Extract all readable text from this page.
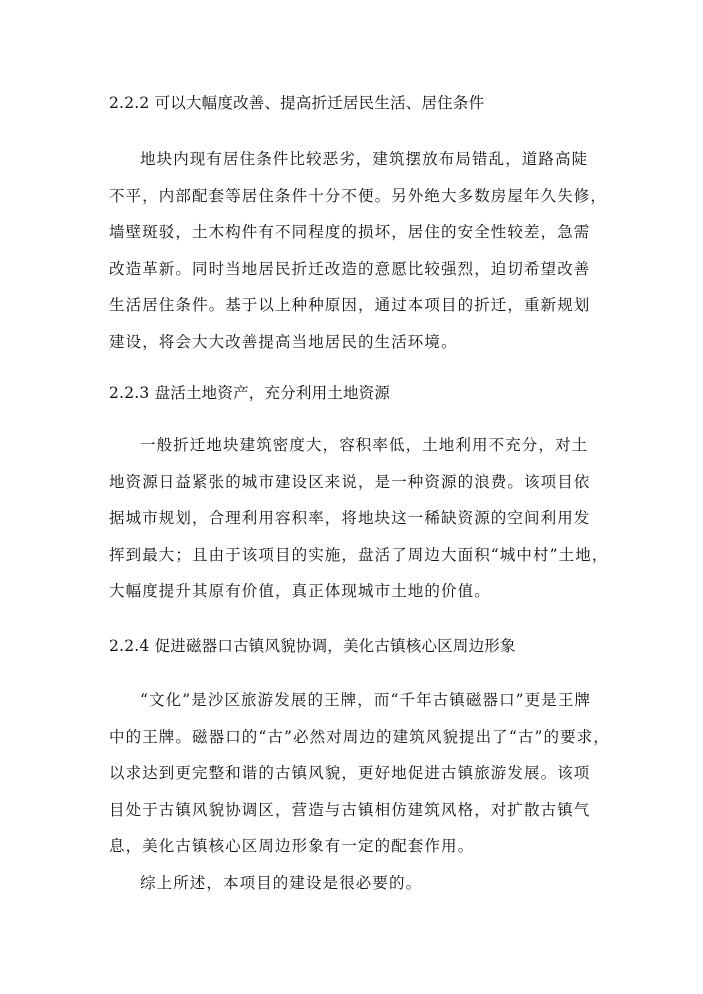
2.2.2 可以大幅度改善、提高折迁居民生活、居住条件
地块内现有居住条件比较恶劣，建筑摆放布局错乱，道路高陡
不平，内部配套等居住条件十分不便。另外绝大多数房屋年久失修，
墙壁斑驳，土木构件有不同程度的损坏，居住的安全性较差，急需
改造革新。同时当地居民折迁改造的意愿比较强烈，迫切希望改善
生活居住条件。基于以上种种原因，通过本项目的折迁，重新规划
建设，将会大大改善提高当地居民的生活环境。
2.2.3 盘活土地资产，充分利用土地资源
一般折迁地块建筑密度大，容积率低，土地利用不充分，对土
地资源日益紧张的城市建设区来说，是一种资源的浪费。该项目依
据城市规划，合理利用容积率，将地块这一稀缺资源的空间利用发
挥到最大；且由于该项目的实施，盘活了周边大面积“城中村”土地，
大幅度提升其原有价值，真正体现城市土地的价值。
2.2.4 促进磁器口古镇风貌协调，美化古镇核心区周边形象
“文化”是沙区旅游发展的王牌，而“千年古镇磁器口”更是王牌
中的王牌。磁器口的“古”必然对周边的建筑风貌提出了“古”的要求，
以求达到更完整和谐的古镇风貌，更好地促进古镇旅游发展。该项
目处于古镇风貌协调区，营造与古镇相仿建筑风格，对扩散古镇气
息，美化古镇核心区周边形象有一定的配套作用。
综上所述，本项目的建设是很必要的。
